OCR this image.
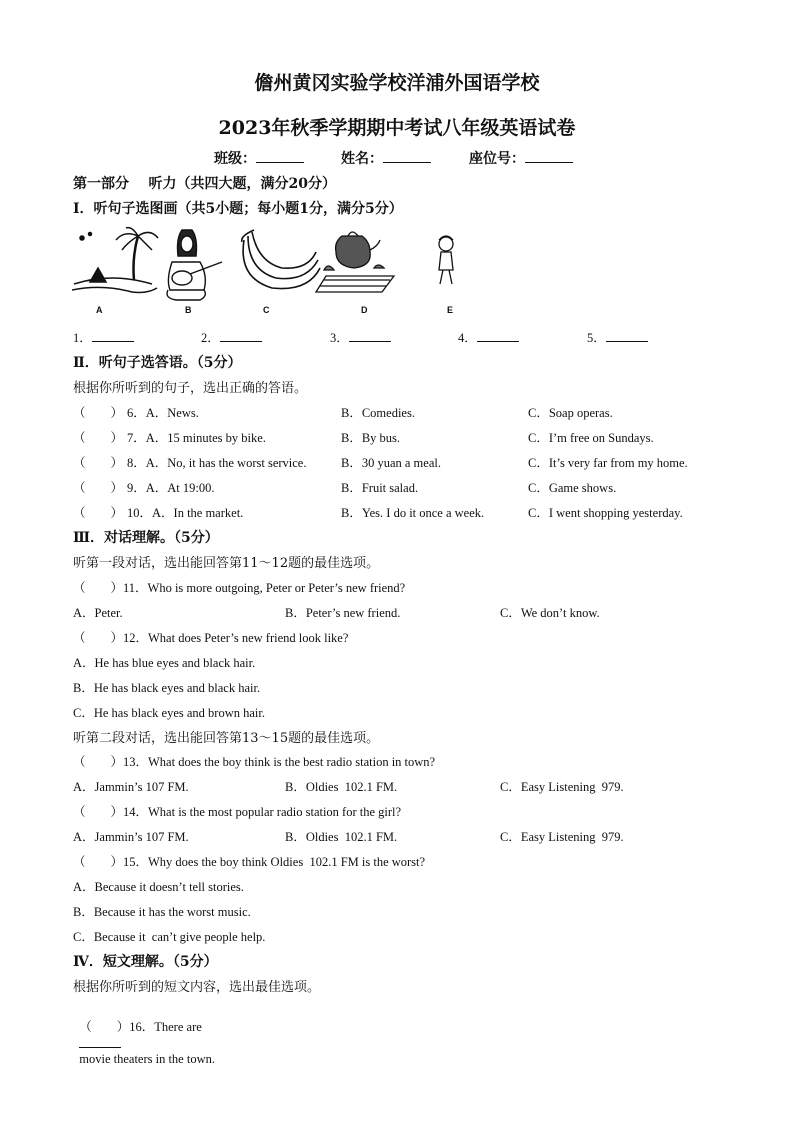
儋州黄冈实验学校洋浦外国语学校
2023年秋季学期期中考试八年级英语试卷
班级：	姓名：	座位号：
第一部分    听力（共四大题，满分20分）
Ⅰ．听句子选图画（共5小题；每小题1分，满分5分）
A	B	C	D	E
1．	2．	3．	4．	5．
Ⅱ．听句子选答语。（5分）
根据你所听到的句子，选出正确的答语。
（        ） 6．A．News.	B．Comedies.	C．Soap operas.
（        ） 7．A．15 minutes by bike.	B．By bus.	C．I’m free on Sundays.
（        ） 8．A．No, it has the worst service.	B．30 yuan a meal.	C．It’s very far from my home.
（        ） 9．A．At 19:00.	B．Fruit salad.	C．Game shows.
（        ） 10．A．In the market.	B．Yes. I do it once a week.	C．I went shopping yesterday.
Ⅲ．对话理解。（5分）
听第一段对话，选出能回答第11～12题的最佳选项。
（        ）11．Who is more outgoing, Peter or Peter’s new friend?
A．Peter.	B．Peter’s new friend.	C．We don’t know.
（        ）12．What does Peter’s new friend look like?
A．He has blue eyes and black hair.
B．He has black eyes and black hair.
C．He has black eyes and brown hair.
听第二段对话，选出能回答第13～15题的最佳选项。
（        ）13．What does the boy think is the best radio station in town?
A．Jammin’s 107 FM.	B．Oldies  102.1 FM.	C．Easy Listening  979.
（        ）14．What is the most popular radio station for the girl?
A．Jammin’s 107 FM.	B．Oldies  102.1 FM.	C．Easy Listening  979.
（        ）15．Why does the boy think Oldies  102.1 FM is the worst?
A．Because it doesn’t tell stories.
B．Because it has the worst music.
C．Because it  can’t give people help.
Ⅳ．短文理解。（5分）
根据你所听到的短文内容，选出最佳选项。

（        ）16．There are

movie theaters in the town.
